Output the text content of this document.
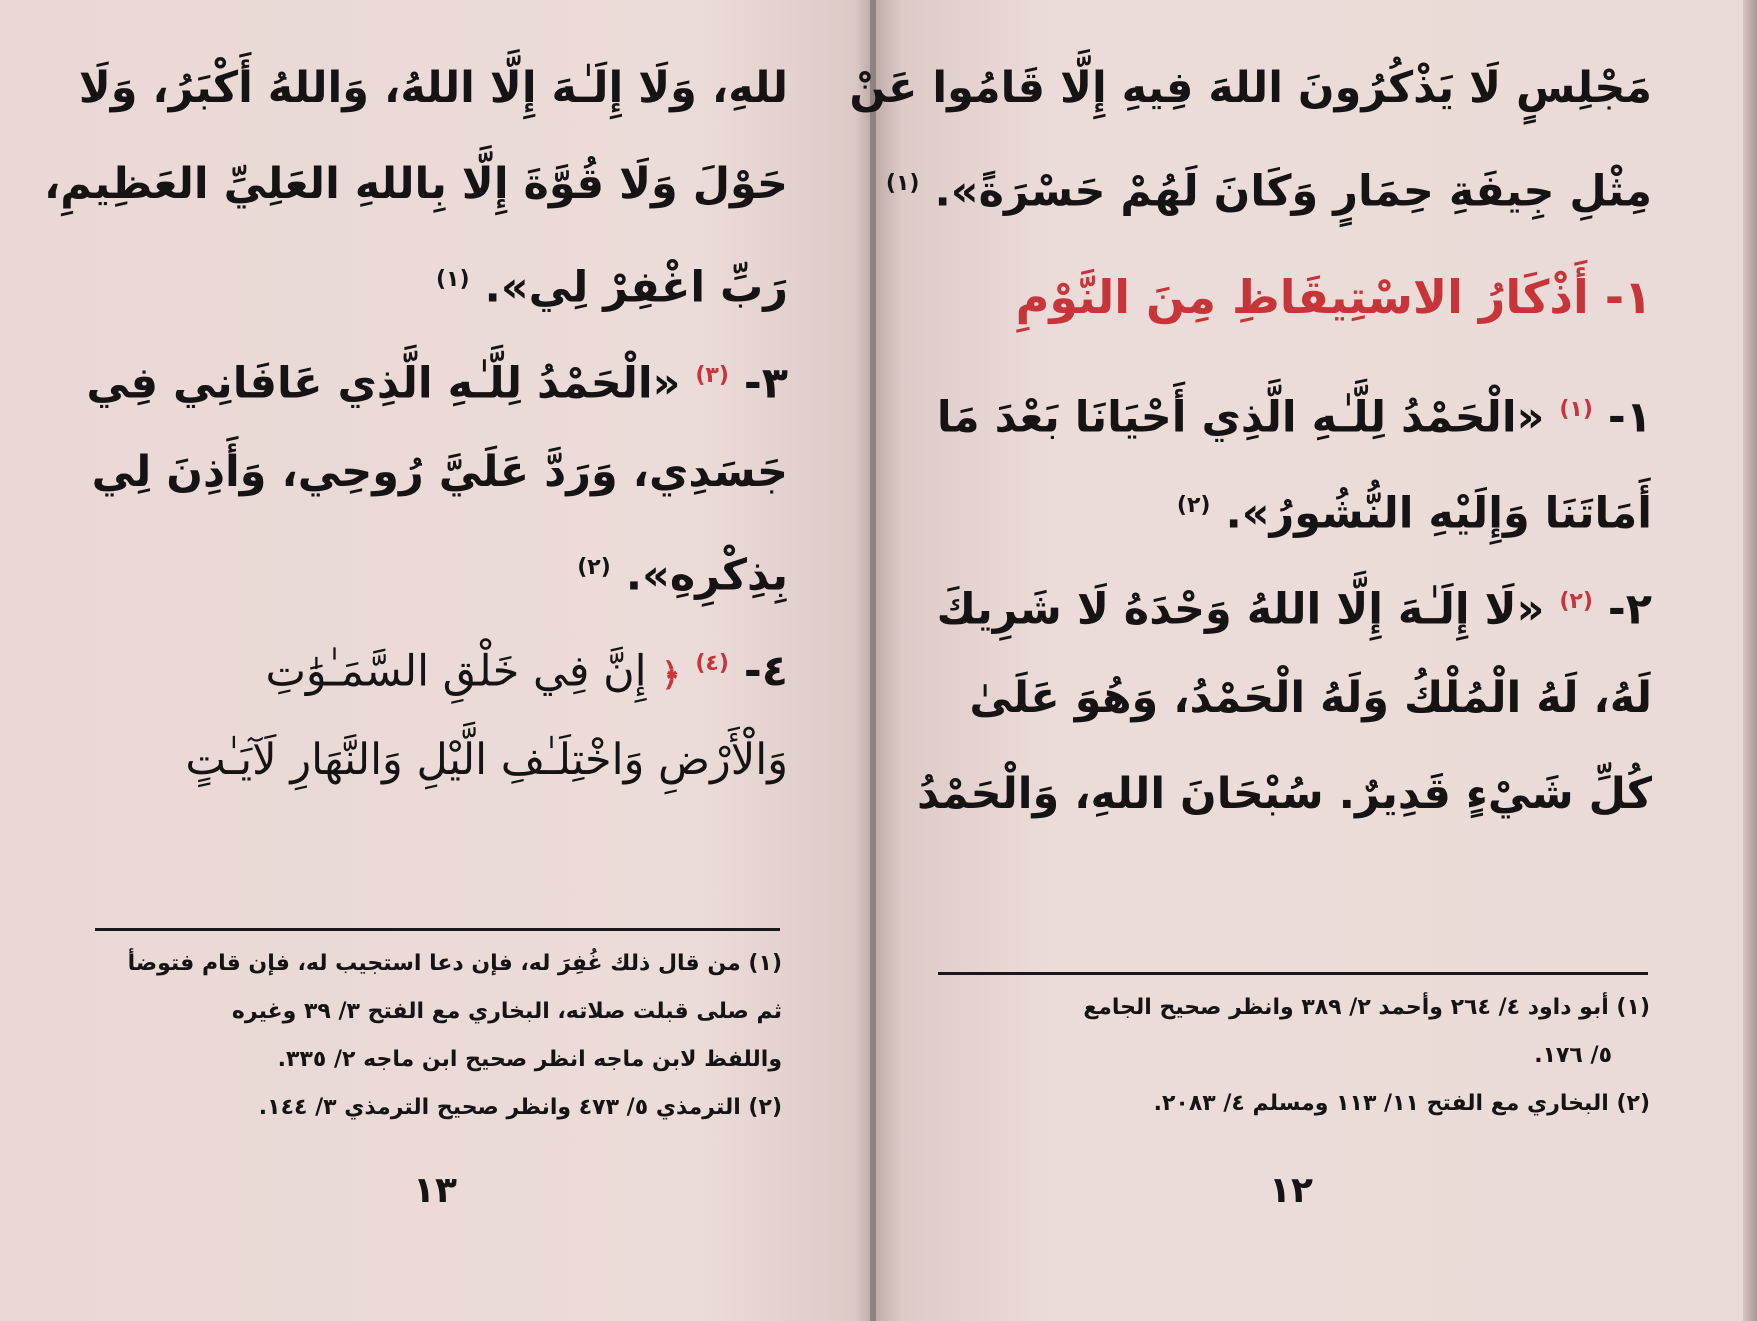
للهِ، وَلَا إِلَـٰهَ إِلَّا اللهُ، وَاللهُ أَكْبَرُ، وَلَا
حَوْلَ وَلَا قُوَّةَ إِلَّا بِاللهِ العَلِيِّ العَظِيمِ،
رَبِّ اغْفِرْ لِي». $^{(١)}$
٣- $^{(٣)}$ «الْحَمْدُ لِلَّـٰهِ الَّذِي عَافَانِي فِي
جَسَدِي، وَرَدَّ عَلَيَّ رُوحِي، وَأَذِنَ لِي
بِذِكْرِهِ». $^{(٢)}$
٤- $^{(٤)}$ ﴿ إِنَّ فِي خَلْقِ السَّمَـٰوَٰتِ
وَالْأَرْضِ وَاخْتِلَـٰفِ الَّيْلِ وَالنَّهَارِ لَآيَـٰتٍ
(١) من قال ذلك غُفِرَ له، فإن دعا استجيب له، فإن قام فتوضأ
ثم صلى قبلت صلاته، البخاري مع الفتح ٣/ ٣٩ وغيره
واللفظ لابن ماجه انظر صحيح ابن ماجه ٢/ ٣٣٥.
(٢) الترمذي ٥/ ٤٧٣ وانظر صحيح الترمذي ٣/ ١٤٤.
١٣
مَجْلِسٍ لَا يَذْكُرُونَ اللهَ فِيهِ إِلَّا قَامُوا عَنْ
مِثْلِ جِيفَةِ حِمَارٍ وَكَانَ لَهُمْ حَسْرَةً». $^{(١)}$
١- أَذْكَارُ الاسْتِيقَاظِ مِنَ النَّوْمِ
١- $^{(١)}$ «الْحَمْدُ لِلَّـٰهِ الَّذِي أَحْيَانَا بَعْدَ مَا
أَمَاتَنَا وَإِلَيْهِ النُّشُورُ». $^{(٢)}$
٢- $^{(٢)}$ «لَا إِلَـٰهَ إِلَّا اللهُ وَحْدَهُ لَا شَرِيكَ
لَهُ، لَهُ الْمُلْكُ وَلَهُ الْحَمْدُ، وَهُوَ عَلَىٰ
كُلِّ شَيْءٍ قَدِيرٌ. سُبْحَانَ اللهِ، وَالْحَمْدُ
(١) أبو داود ٤/ ٢٦٤ وأحمد ٢/ ٣٨٩ وانظر صحيح الجامع
٥/ ١٧٦.
(٢) البخاري مع الفتح ١١/ ١١٣ ومسلم ٤/ ٢٠٨٣.
١٢
